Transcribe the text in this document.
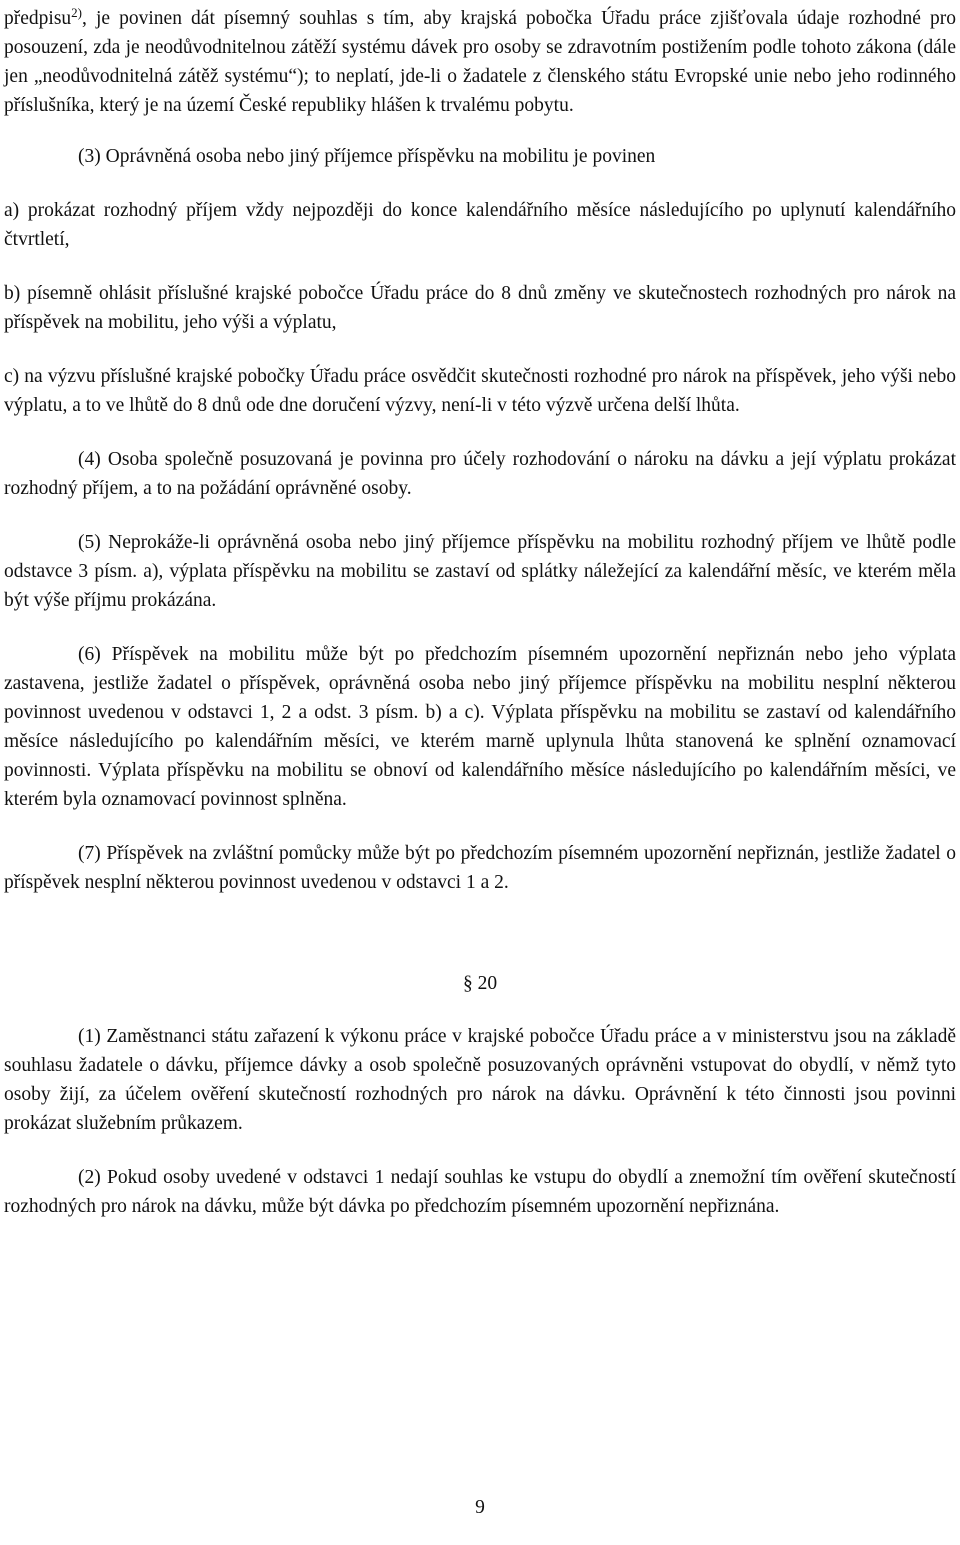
předpisu$^{2)}$, je povinen dát písemný souhlas s tím, aby krajská pobočka Úřadu práce zjišťovala údaje rozhodné pro posouzení, zda je neodůvodnitelnou zátěží systému dávek pro osoby se zdravotním postižením podle tohoto zákona (dále jen „neodůvodnitelná zátěž systému“); to neplatí, jde-li o žadatele z členského státu Evropské unie nebo jeho rodinného příslušníka, který je na území České republiky hlášen k trvalému pobytu.

(3) Oprávněná osoba nebo jiný příjemce příspěvku na mobilitu je povinen

a) prokázat rozhodný příjem vždy nejpozději do konce kalendářního měsíce následujícího po uplynutí kalendářního čtvrtletí,

b) písemně ohlásit příslušné krajské pobočce Úřadu práce do 8 dnů změny ve skutečnostech rozhodných pro nárok na příspěvek na mobilitu, jeho výši a výplatu,

c) na výzvu příslušné krajské pobočky Úřadu práce osvědčit skutečnosti rozhodné pro nárok na příspěvek, jeho výši nebo výplatu, a to ve lhůtě do 8 dnů ode dne doručení výzvy, není-li v této výzvě určena delší lhůta.

(4) Osoba společně posuzovaná je povinna pro účely rozhodování o nároku na dávku a její výplatu prokázat rozhodný příjem, a to na požádání oprávněné osoby.

(5) Neprokáže-li oprávněná osoba nebo jiný příjemce příspěvku na mobilitu rozhodný příjem ve lhůtě podle odstavce 3 písm. a), výplata příspěvku na mobilitu se zastaví od splátky náležející za kalendářní měsíc, ve kterém měla být výše příjmu prokázána.

(6) Příspěvek na mobilitu může být po předchozím písemném upozornění nepřiznán nebo jeho výplata zastavena, jestliže žadatel o příspěvek, oprávněná osoba nebo jiný příjemce příspěvku na mobilitu nesplní některou povinnost uvedenou v odstavci 1, 2 a odst. 3 písm. b) a c). Výplata příspěvku na mobilitu se zastaví od kalendářního měsíce následujícího po kalendářním měsíci, ve kterém marně uplynula lhůta stanovená ke splnění oznamovací povinnosti. Výplata příspěvku na mobilitu se obnoví od kalendářního měsíce následujícího po kalendářním měsíci, ve kterém byla oznamovací povinnost splněna.

(7) Příspěvek na zvláštní pomůcky může být po předchozím písemném upozornění nepřiznán, jestliže žadatel o příspěvek nesplní některou povinnost uvedenou v odstavci 1 a 2.

§ 20

(1) Zaměstnanci státu zařazení k výkonu práce v krajské pobočce Úřadu práce a v ministerstvu jsou na základě souhlasu žadatele o dávku, příjemce dávky a osob společně posuzovaných oprávněni vstupovat do obydlí, v němž tyto osoby žijí, za účelem ověření skutečností rozhodných pro nárok na dávku. Oprávnění k této činnosti jsou povinni prokázat služebním průkazem.

(2) Pokud osoby uvedené v odstavci 1 nedají souhlas ke vstupu do obydlí a znemožní tím ověření skutečností rozhodných pro nárok na dávku, může být dávka po předchozím písemném upozornění nepřiznána.

9
